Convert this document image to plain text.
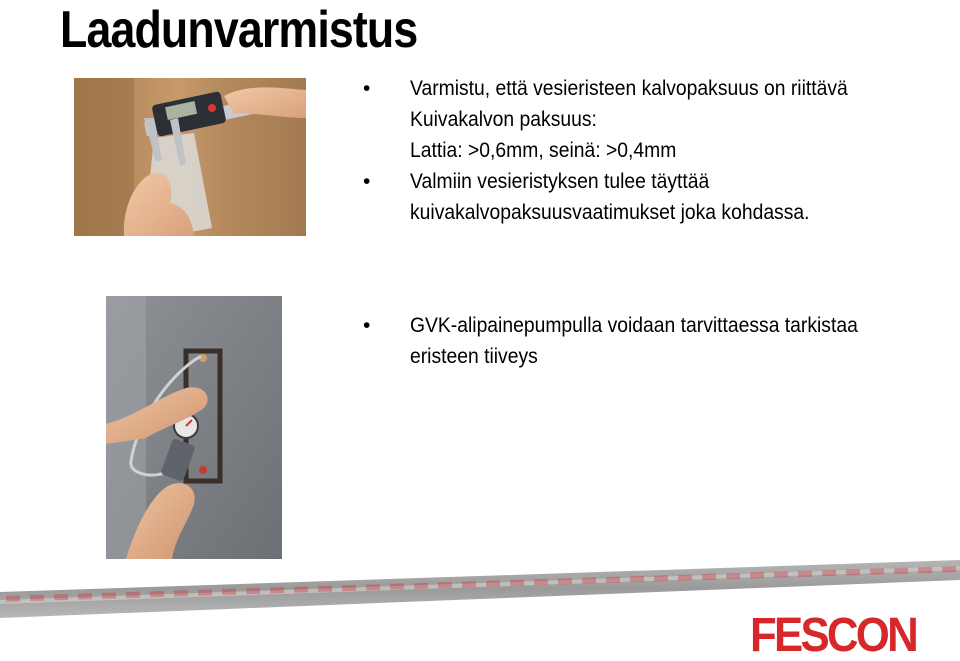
Laadunvarmistus
•	Varmistu, että vesieristeen kalvopaksuus on riittävä
Kuivakalvon paksuus:
Lattia: >0,6mm, seinä: >0,4mm
•	Valmiin vesieristyksen tulee täyttää
kuivakalvopaksuusvaatimukset joka kohdassa.
•	GVK-alipainepumpulla voidaan tarvittaessa tarkistaa
eristeen tiiveys
FESCON
